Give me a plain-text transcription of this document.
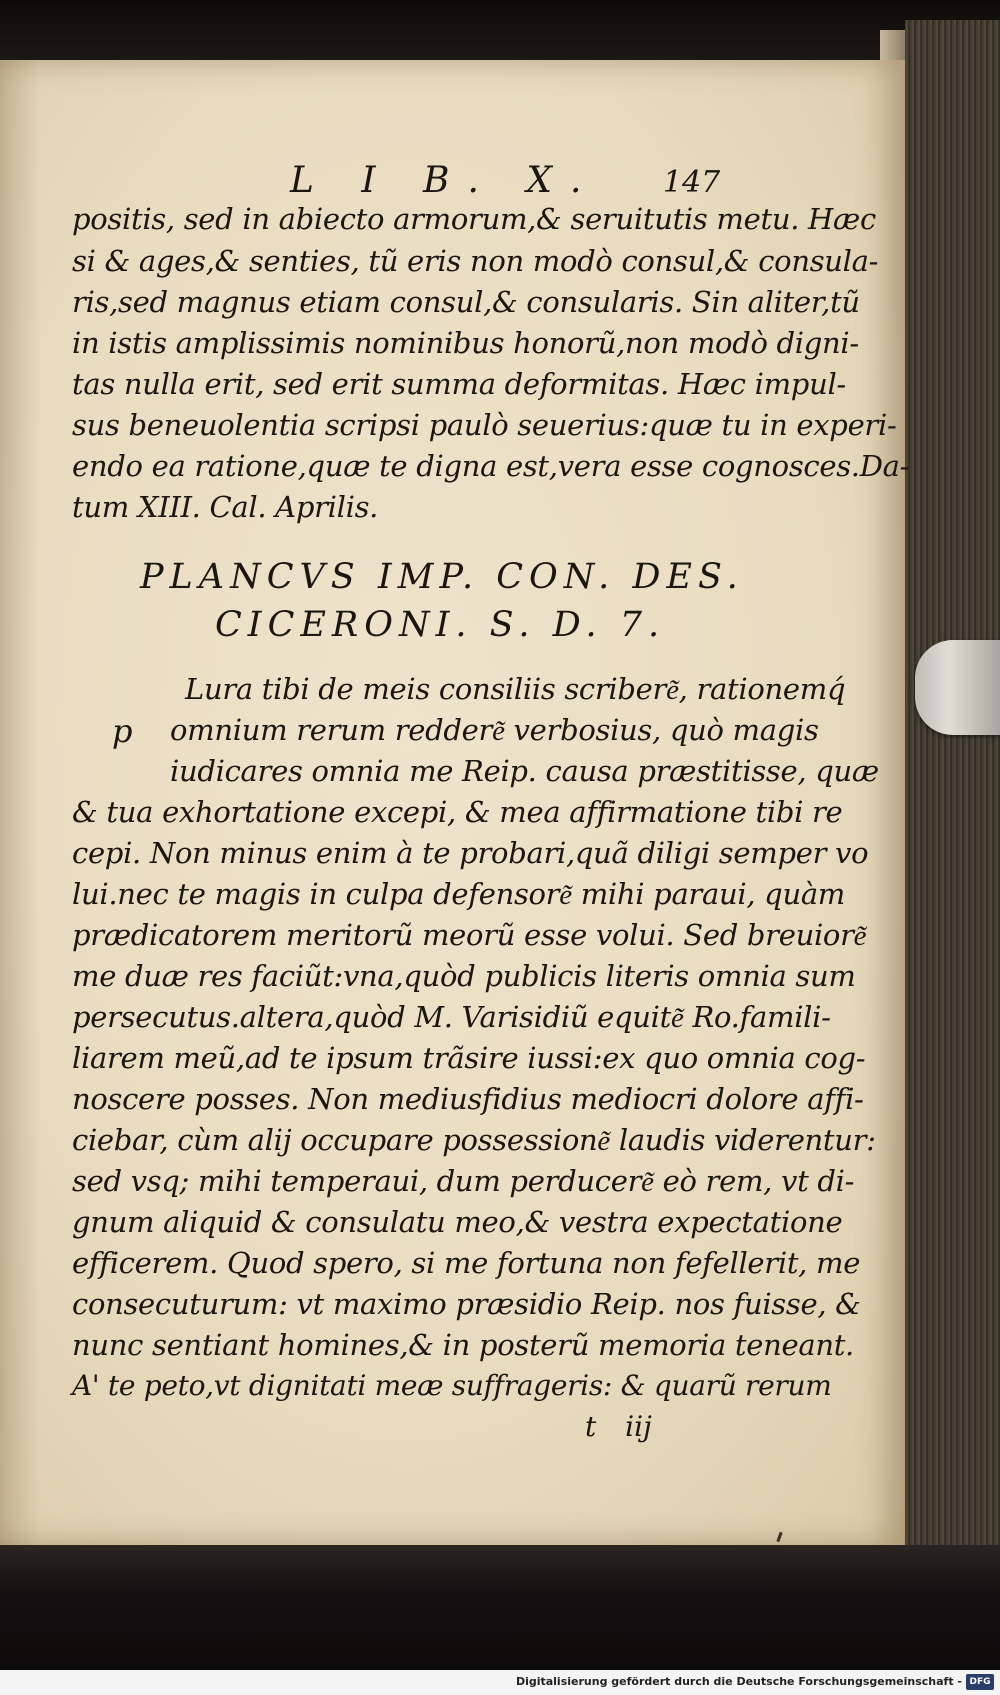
L I B. X. 147
positis, sed in abiecto armorum,& seruitutis metu. Hæc
si & ages,& senties, tũ eris non modò consul,& consula-
ris,sed magnus etiam consul,& consularis. Sin aliter,tũ
in istis amplissimis nominibus honorũ,non modò digni-
tas nulla erit, sed erit summa deformitas. Hæc impul-
sus beneuolentia scripsi paulò seuerius:quæ tu in experi-
endo ea ratione,quæ te digna est,vera esse cognosces.Da-
tum XIII. Cal. Aprilis.
PLANCVS IMP. CON. DES.
CICERONI. S. D. 7.
p
Lura tibi de meis consiliis scribere͂, rationemq́
omnium rerum reddere͂ verbosius, quò magis
iudicares omnia me Reip. causa præstitisse, quæ
& tua exhortatione excepi, & mea affirmatione tibi re
cepi. Non minus enim à te probari,quã diligi semper vo
lui.nec te magis in culpa defensore͂ mihi paraui, quàm
prædicatorem meritorũ meorũ esse volui. Sed breuiore͂
me duæ res faciũt:vna,quòd publicis literis omnia sum
persecutus.altera,quòd M. Varisidiũ equite͂ Ro.famili-
liarem meũ,ad te ipsum trãsire iussi:ex quo omnia cog-
noscere posses. Non mediusfidius mediocri dolore affi-
ciebar, cùm alij occupare possessione͂ laudis viderentur:
sed vsq; mihi temperaui, dum perducere͂ eò rem, vt di-
gnum aliquid & consulatu meo,& vestra expectatione
efficerem. Quod spero, si me fortuna non fefellerit, me
consecuturum: vt maximo præsidio Reip. nos fuisse, &
nunc sentiant homines,& in posterũ memoria teneant.
A' te peto,vt dignitati meæ suffrageris: & quarũ rerum
t iij
Digitalisierung gefördert durch die Deutsche Forschungsgemeinschaft - DFG
